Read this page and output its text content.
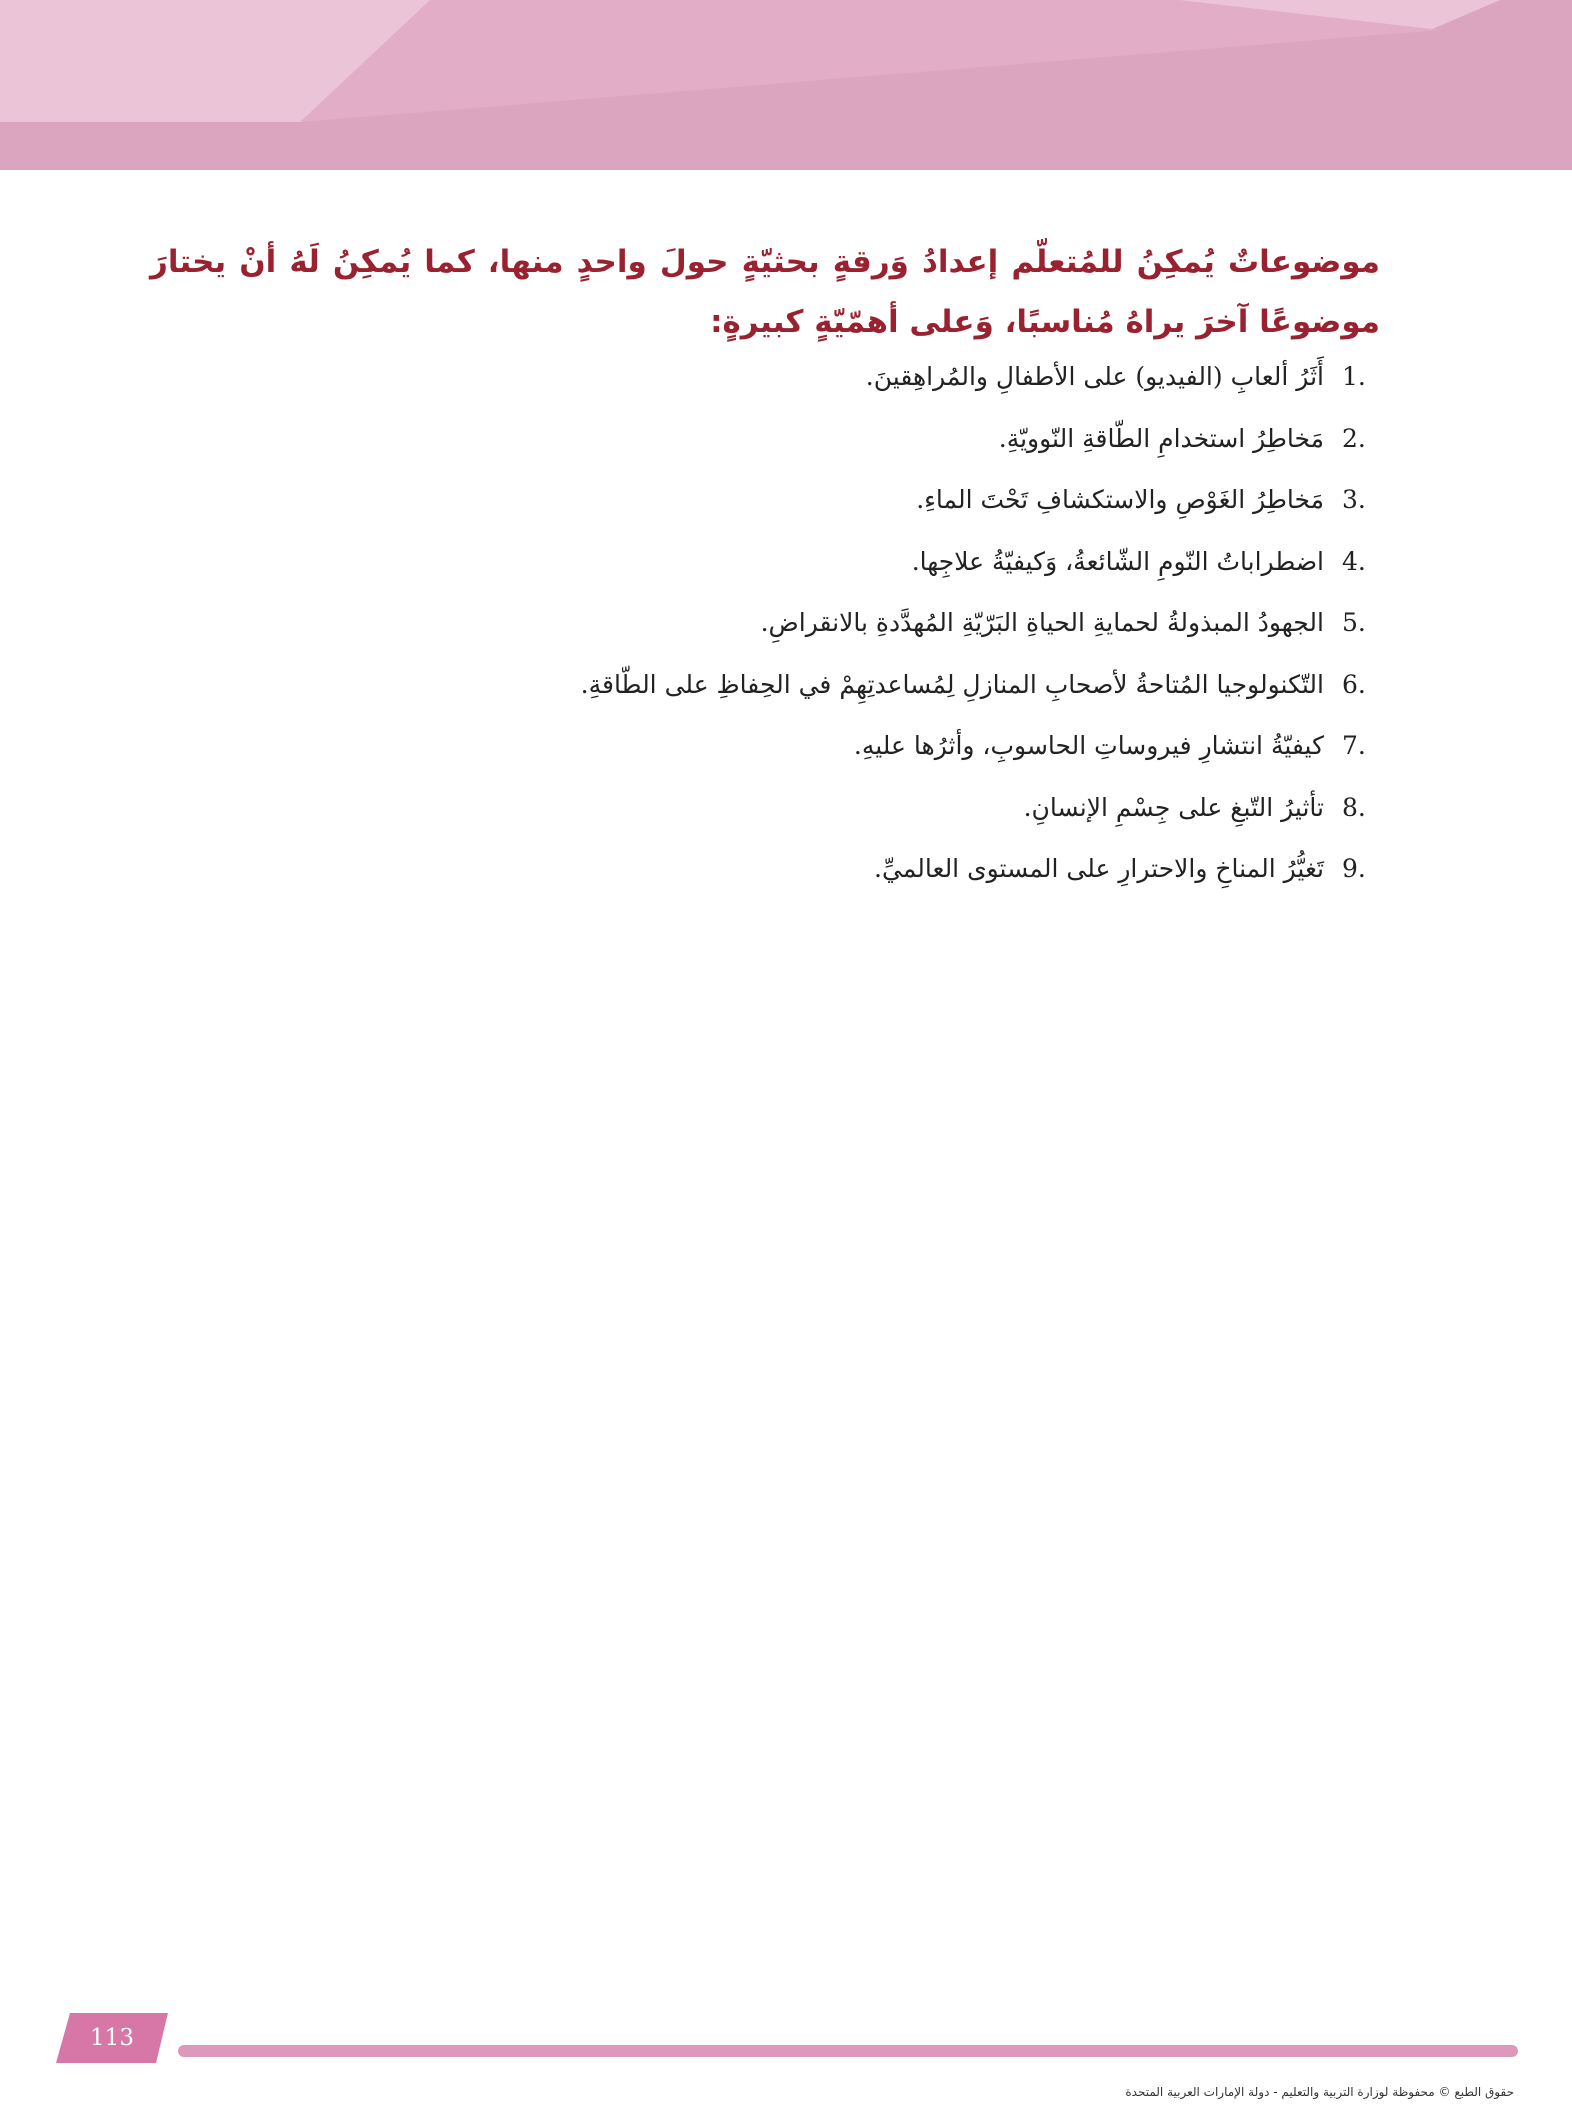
موضوعاتٌ يُمكِنُ للمُتعلّم إعدادُ وَرقةٍ بحثيّةٍ حولَ واحدٍ منها، كما يُمكِنُ لَهُ أنْ يختارَ موضوعًا آخرَ يراهُ مُناسبًا، وَعلى أهمّيّةٍ كبيرةٍ:

1.
أَثَرُ ألعابِ (الفيديو) على الأطفالِ والمُراهِقينَ.
2.
مَخاطِرُ استخدامِ الطّاقةِ النّوويّةِ.
3.
مَخاطِرُ الغَوْصِ والاستكشافِ تَحْتَ الماءِ.
4.
اضطراباتُ النّومِ الشّائعةُ، وَكيفيّةُ علاجِها.
5.
الجهودُ المبذولةُ لحمايةِ الحياةِ البَرّيّةِ المُهدَّدةِ بالانقراضِ.
6.
التّكنولوجيا المُتاحةُ لأصحابِ المنازلِ لِمُساعدتِهِمْ في الحِفاظِ على الطّاقةِ.
7.
كيفيّةُ انتشارِ فيروساتِ الحاسوبِ، وأثرُها عليهِ.
8.
تأثيرُ التّبغِ على جِسْمِ الإنسانِ.
9.
تَغيُّرُ المناخِ والاحترارِ على المستوى العالميِّ.
113
حقوق الطبع © محفوظة لوزارة التربية والتعليم - دولة الإمارات العربية المتحدة
